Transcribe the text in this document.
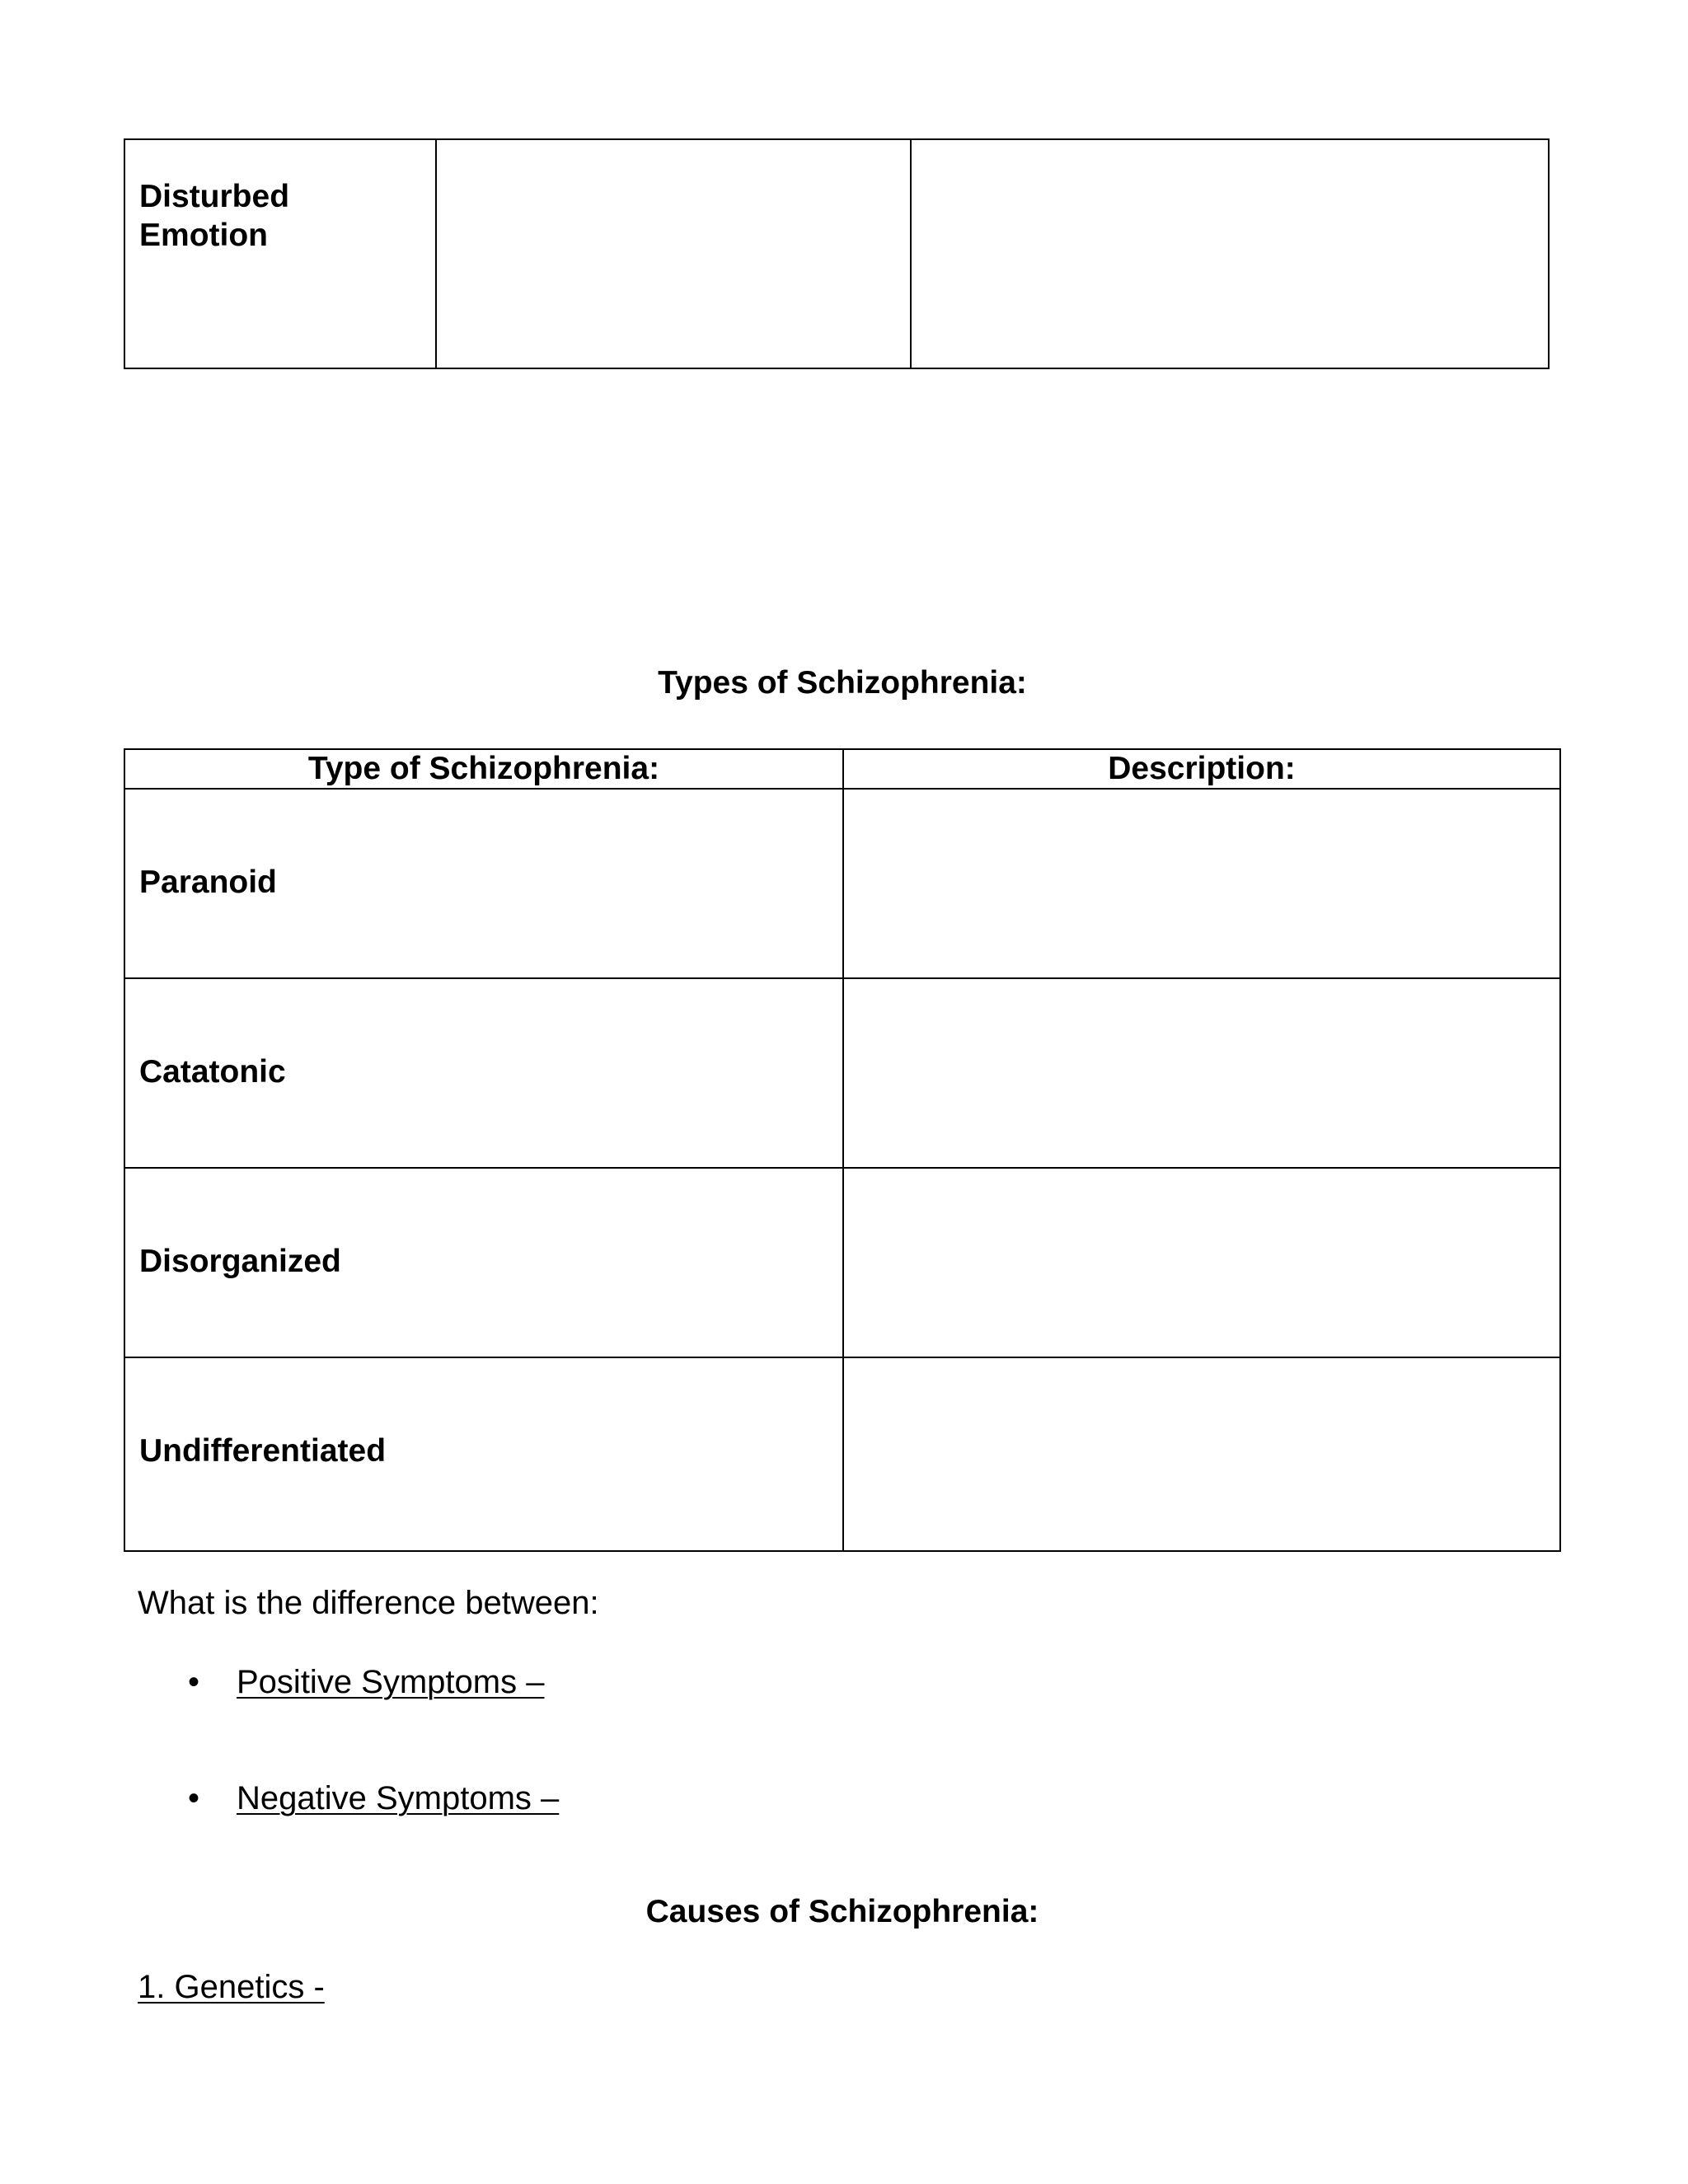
Disturbed Emotion
Types of Schizophrenia:
Type of Schizophrenia:	Description:
Paranoid
Catatonic
Disorganized
Undifferentiated
What is the difference between:
• Positive Symptoms –
• Negative Symptoms –
Causes of Schizophrenia:
1. Genetics -
